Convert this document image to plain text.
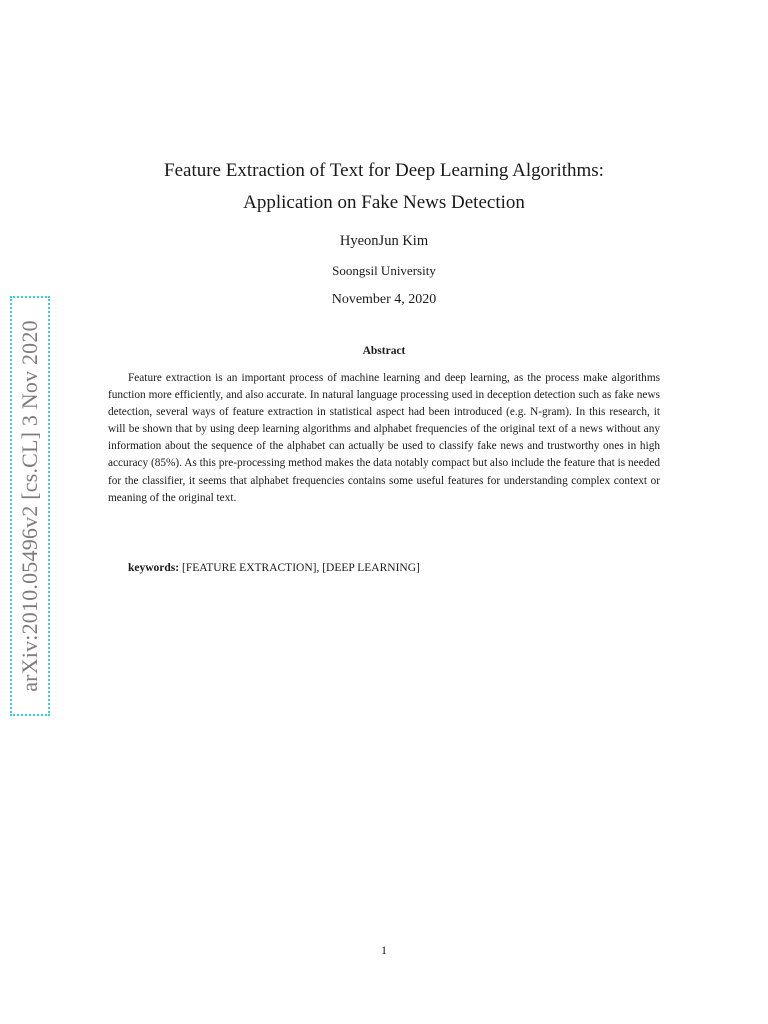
arXiv:2010.05496v2 [cs.CL] 3 Nov 2020
Feature Extraction of Text for Deep Learning Algorithms:
Application on Fake News Detection
HyeonJun Kim
Soongsil University
November 4, 2020
Abstract
Feature extraction is an important process of machine learning and deep learning, as the process make algorithms function more efficiently, and also accurate. In natural language processing used in deception detection such as fake news detection, several ways of feature extraction in statistical aspect had been introduced (e.g. N-gram). In this research, it will be shown that by using deep learning algorithms and alphabet frequencies of the original text of a news without any information about the sequence of the alphabet can actually be used to classify fake news and trustworthy ones in high accuracy (85%). As this pre-processing method makes the data notably compact but also include the feature that is needed for the classifier, it seems that alphabet frequencies contains some useful features for understanding complex context or meaning of the original text.
keywords: [FEATURE EXTRACTION], [DEEP LEARNING]
1
